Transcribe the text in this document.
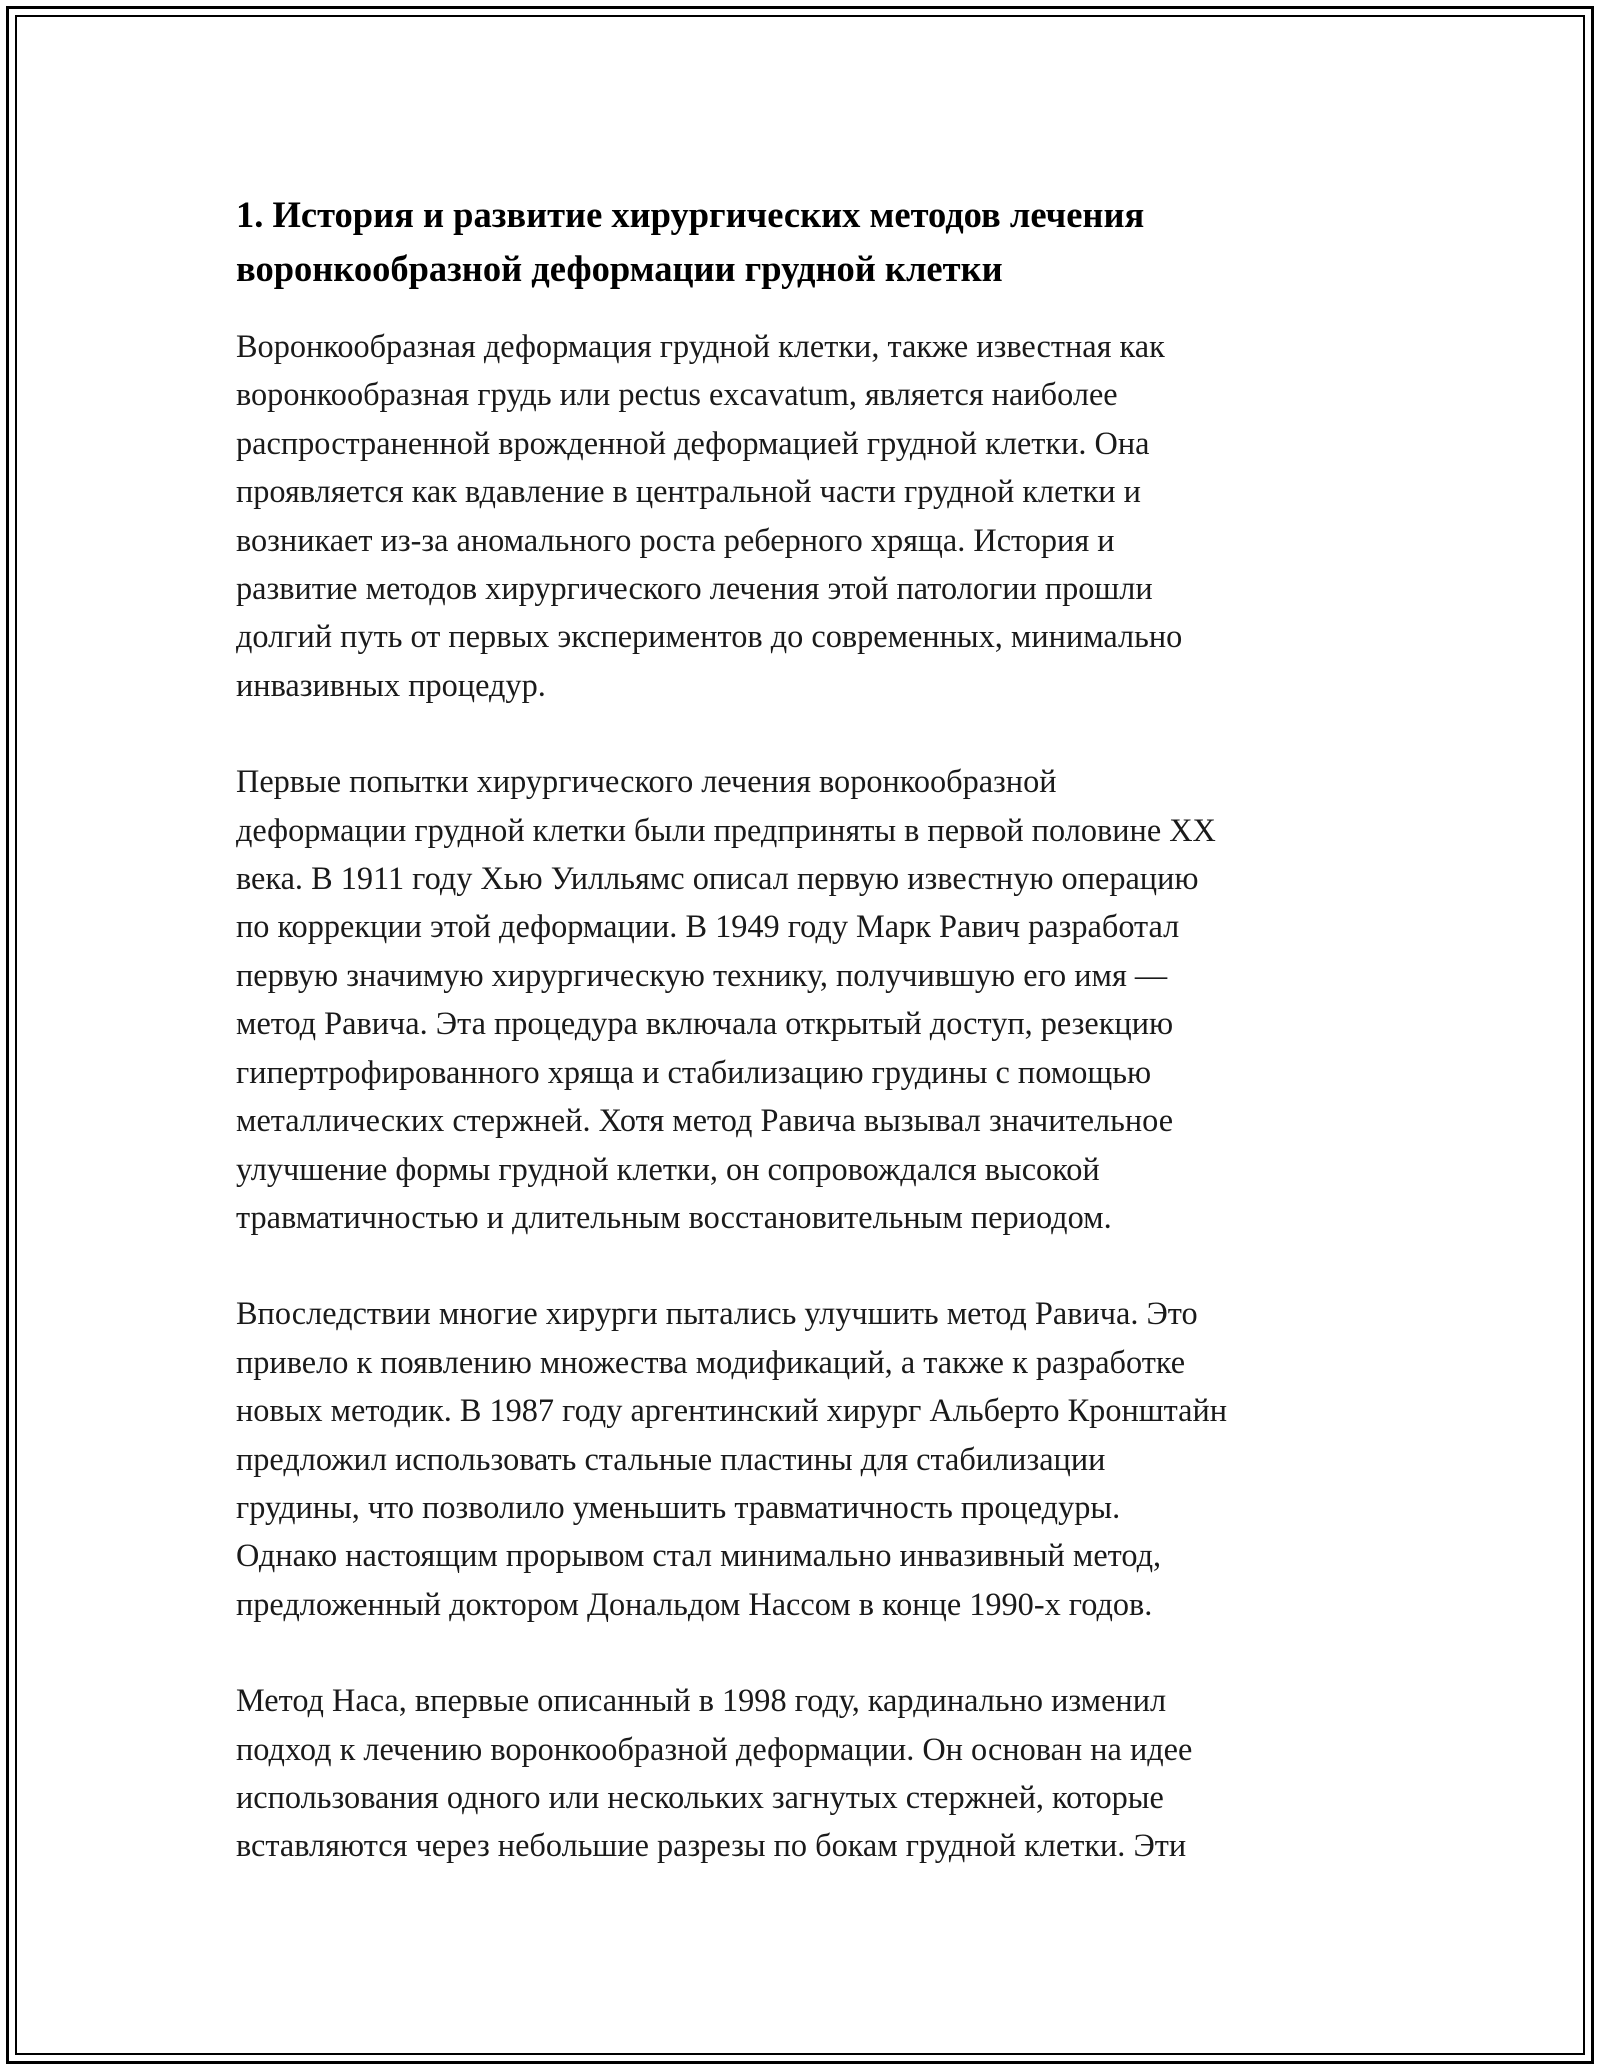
1. История и развитие хирургических методов лечения
воронкообразной деформации грудной клетки

Воронкообразная деформация грудной клетки, также известная как
воронкообразная грудь или pectus excavatum, является наиболее
распространенной врожденной деформацией грудной клетки. Она
проявляется как вдавление в центральной части грудной клетки и
возникает из-за аномального роста реберного хряща. История и
развитие методов хирургического лечения этой патологии прошли
долгий путь от первых экспериментов до современных, минимально
инвазивных процедур.

Первые попытки хирургического лечения воронкообразной
деформации грудной клетки были предприняты в первой половине XX
века. В 1911 году Хью Уилльямс описал первую известную операцию
по коррекции этой деформации. В 1949 году Марк Равич разработал
первую значимую хирургическую технику, получившую его имя —
метод Равича. Эта процедура включала открытый доступ, резекцию
гипертрофированного хряща и стабилизацию грудины с помощью
металлических стержней. Хотя метод Равича вызывал значительное
улучшение формы грудной клетки, он сопровождался высокой
травматичностью и длительным восстановительным периодом.

Впоследствии многие хирурги пытались улучшить метод Равича. Это
привело к появлению множества модификаций, а также к разработке
новых методик. В 1987 году аргентинский хирург Альберто Кронштайн
предложил использовать стальные пластины для стабилизации
грудины, что позволило уменьшить травматичность процедуры.
Однако настоящим прорывом стал минимально инвазивный метод,
предложенный доктором Дональдом Нассом в конце 1990-х годов.

Метод Наса, впервые описанный в 1998 году, кардинально изменил
подход к лечению воронкообразной деформации. Он основан на идее
использования одного или нескольких загнутых стержней, которые
вставляются через небольшие разрезы по бокам грудной клетки. Эти
